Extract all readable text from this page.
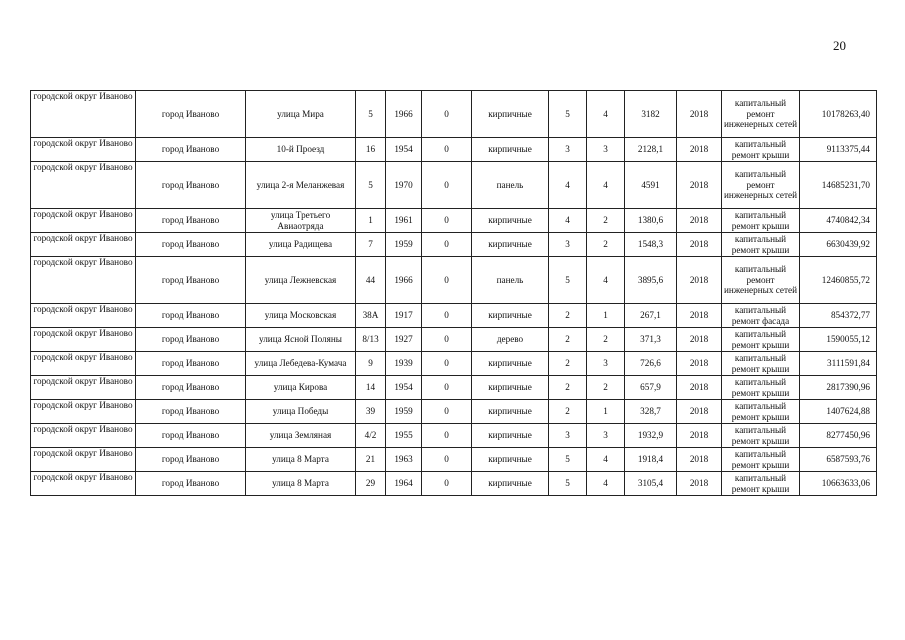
20
городской округ Иваново	город Иваново	улица Мира	5	1966	0	кирпичные	5	4	3182	2018	капитальный ремонт инженерных сетей	10178263,40
городской округ Иваново	город Иваново	10-й Проезд	16	1954	0	кирпичные	3	3	2128,1	2018	капитальный ремонт крыши	9113375,44
городской округ Иваново	город Иваново	улица 2-я Меланжевая	5	1970	0	панель	4	4	4591	2018	капитальный ремонт инженерных сетей	14685231,70
городской округ Иваново	город Иваново	улица Третьего Авиаотряда	1	1961	0	кирпичные	4	2	1380,6	2018	капитальный ремонт крыши	4740842,34
городской округ Иваново	город Иваново	улица Радищева	7	1959	0	кирпичные	3	2	1548,3	2018	капитальный ремонт крыши	6630439,92
городской округ Иваново	город Иваново	улица Лежневская	44	1966	0	панель	5	4	3895,6	2018	капитальный ремонт инженерных сетей	12460855,72
городской округ Иваново	город Иваново	улица Московская	38А	1917	0	кирпичные	2	1	267,1	2018	капитальный ремонт фасада	854372,77
городской округ Иваново	город Иваново	улица Ясной Поляны	8/13	1927	0	дерево	2	2	371,3	2018	капитальный ремонт крыши	1590055,12
городской округ Иваново	город Иваново	улица Лебедева-Кумача	9	1939	0	кирпичные	2	3	726,6	2018	капитальный ремонт крыши	3111591,84
городской округ Иваново	город Иваново	улица Кирова	14	1954	0	кирпичные	2	2	657,9	2018	капитальный ремонт крыши	2817390,96
городской округ Иваново	город Иваново	улица Победы	39	1959	0	кирпичные	2	1	328,7	2018	капитальный ремонт крыши	1407624,88
городской округ Иваново	город Иваново	улица Земляная	4/2	1955	0	кирпичные	3	3	1932,9	2018	капитальный ремонт крыши	8277450,96
городской округ Иваново	город Иваново	улица 8 Марта	21	1963	0	кирпичные	5	4	1918,4	2018	капитальный ремонт крыши	6587593,76
городской округ Иваново	город Иваново	улица 8 Марта	29	1964	0	кирпичные	5	4	3105,4	2018	капитальный ремонт крыши	10663633,06
